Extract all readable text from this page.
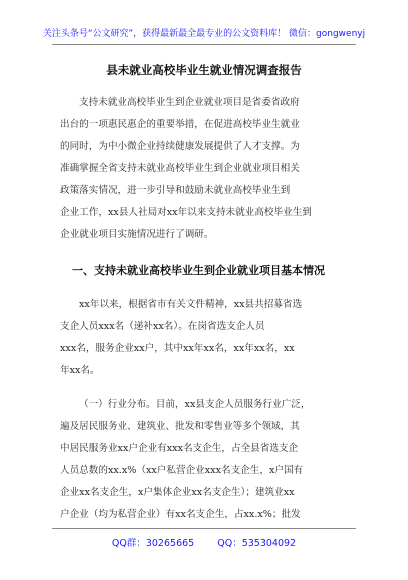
关注头条号“公文研究”，获得最新最全最专业的公文资料库！ 微信：gongwenyj
县未就业高校毕业生就业情况调查报告
支持未就业高校毕业生到企业就业项目是省委省政府
出台的一项惠民惠企的重要举措，在促进高校毕业生就业
的同时，为中小微企业持续健康发展提供了人才支撑。为
准确掌握全省支持未就业高校毕业生到企业就业项目相关
政策落实情况，进一步引导和鼓励未就业高校毕业生到
企业工作，xx县人社局对xx年以来支持未就业高校毕业生到
企业就业项目实施情况进行了调研。
一、支持未就业高校毕业生到企业就业项目基本情况
xx年以来，根据省市有关文件精神，xx县共招募省选
支企人员xxx名（递补xx名）。在岗省选支企人员
xxx名，服务企业xx户，其中xx年xx名，xx年xx名，xx
年xx名。
（一）行业分布。目前，xx县支企人员服务行业广泛，
遍及居民服务业、建筑业、批发和零售业等多个领域，其
中居民服务业xx户企业有xxx名支企生，占全县省选支企
人员总数的xx.x%（xx户私营企业xxx名支企生，x户国有
企业xx名支企生，x户集体企业xx名支企生）；建筑业xx
户企业（均为私营企业）有xx名支企生，占xx.x%；批发
QQ群：30265665 QQ：535304092
